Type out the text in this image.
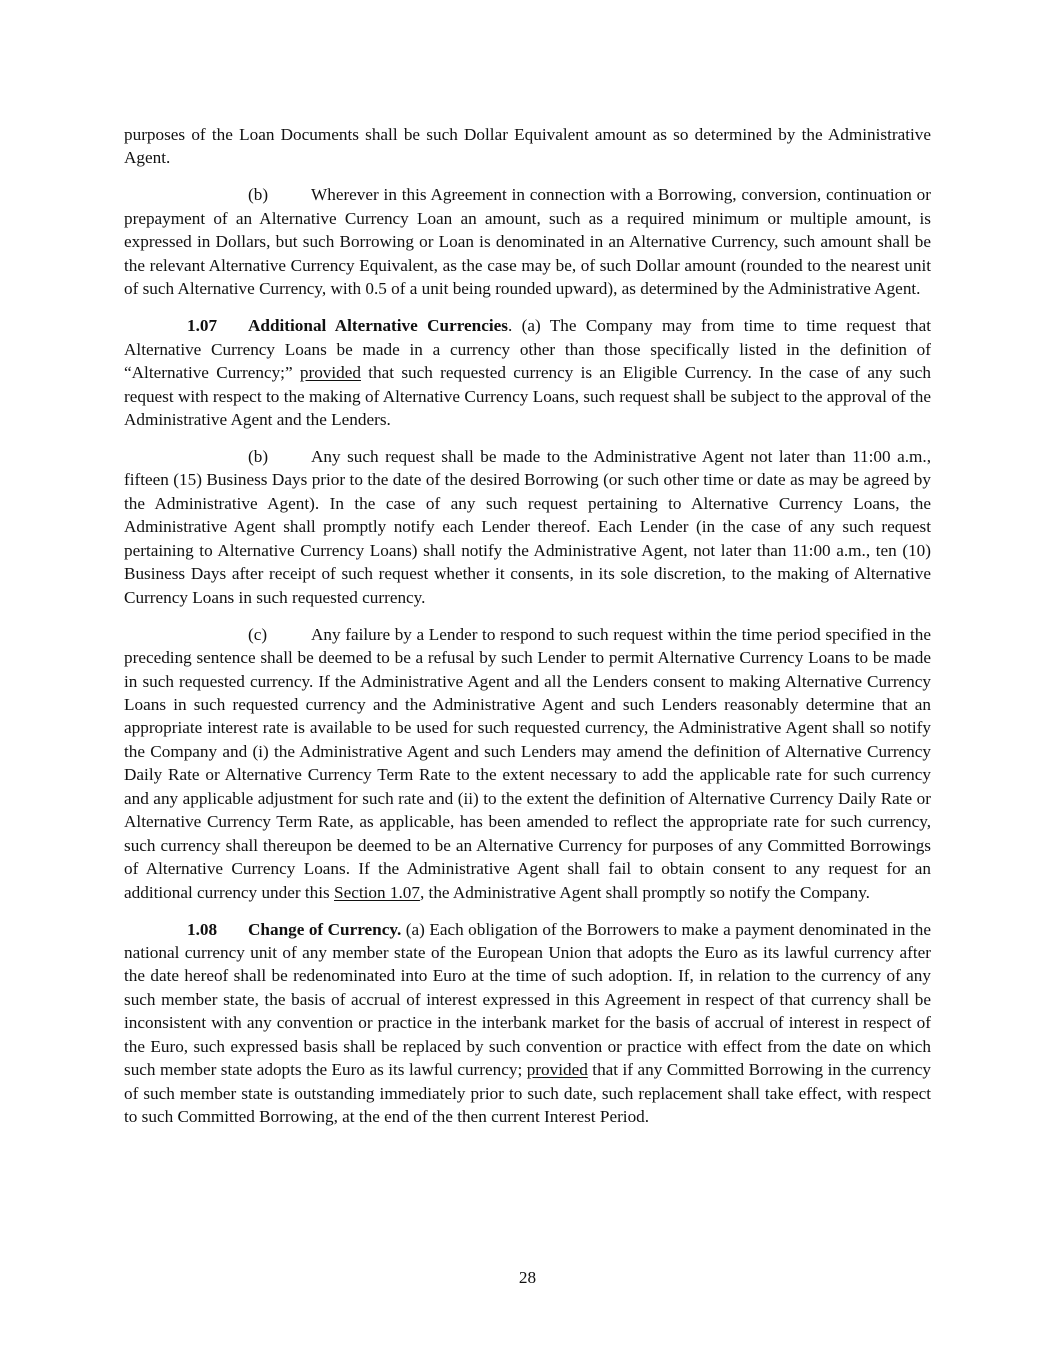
purposes of the Loan Documents shall be such Dollar Equivalent amount as so determined by the Administrative Agent.

(b) Wherever in this Agreement in connection with a Borrowing, conversion, continuation or prepayment of an Alternative Currency Loan an amount, such as a required minimum or multiple amount, is expressed in Dollars, but such Borrowing or Loan is denominated in an Alternative Currency, such amount shall be the relevant Alternative Currency Equivalent, as the case may be, of such Dollar amount (rounded to the nearest unit of such Alternative Currency, with 0.5 of a unit being rounded upward), as determined by the Administrative Agent.

1.07 Additional Alternative Currencies. (a) The Company may from time to time request that Alternative Currency Loans be made in a currency other than those specifically listed in the definition of “Alternative Currency;” provided that such requested currency is an Eligible Currency. In the case of any such request with respect to the making of Alternative Currency Loans, such request shall be subject to the approval of the Administrative Agent and the Lenders.

(b) Any such request shall be made to the Administrative Agent not later than 11:00 a.m., fifteen (15) Business Days prior to the date of the desired Borrowing (or such other time or date as may be agreed by the Administrative Agent). In the case of any such request pertaining to Alternative Currency Loans, the Administrative Agent shall promptly notify each Lender thereof. Each Lender (in the case of any such request pertaining to Alternative Currency Loans) shall notify the Administrative Agent, not later than 11:00 a.m., ten (10) Business Days after receipt of such request whether it consents, in its sole discretion, to the making of Alternative Currency Loans in such requested currency.

(c)	Any failure by a Lender to respond to such request within the time period specified in the preceding sentence shall be deemed to be a refusal by such Lender to permit Alternative Currency Loans to be made in such requested currency. If the Administrative Agent and all the Lenders consent to making Alternative Currency Loans in such requested currency and the Administrative Agent and such Lenders reasonably determine that an appropriate interest rate is available to be used for such requested currency, the Administrative Agent shall so notify the Company and (i) the Administrative Agent and such Lenders may amend the definition of Alternative Currency Daily Rate or Alternative Currency Term Rate to the extent necessary to add the applicable rate for such currency and any applicable adjustment for such rate and (ii) to the extent the definition of Alternative Currency Daily Rate or Alternative Currency Term Rate, as applicable, has been amended to reflect the appropriate rate for such currency, such currency shall thereupon be deemed to be an Alternative Currency for purposes of any Committed Borrowings of Alternative Currency Loans. If the Administrative Agent shall fail to obtain consent to any request for an additional currency under this Section 1.07, the Administrative Agent shall promptly so notify the Company.

1.08 Change of Currency. (a) Each obligation of the Borrowers to make a payment denominated in the national currency unit of any member state of the European Union that adopts the Euro as its lawful currency after the date hereof shall be redenominated into Euro at the time of such adoption. If, in relation to the currency of any such member state, the basis of accrual of interest expressed in this Agreement in respect of that currency shall be inconsistent with any convention or practice in the interbank market for the basis of accrual of interest in respect of the Euro, such expressed basis shall be replaced by such convention or practice with effect from the date on which such member state adopts the Euro as its lawful currency; provided that if any Committed Borrowing in the currency of such member state is outstanding immediately prior to such date, such replacement shall take effect, with respect to such Committed Borrowing, at the end of the then current Interest Period.

28
